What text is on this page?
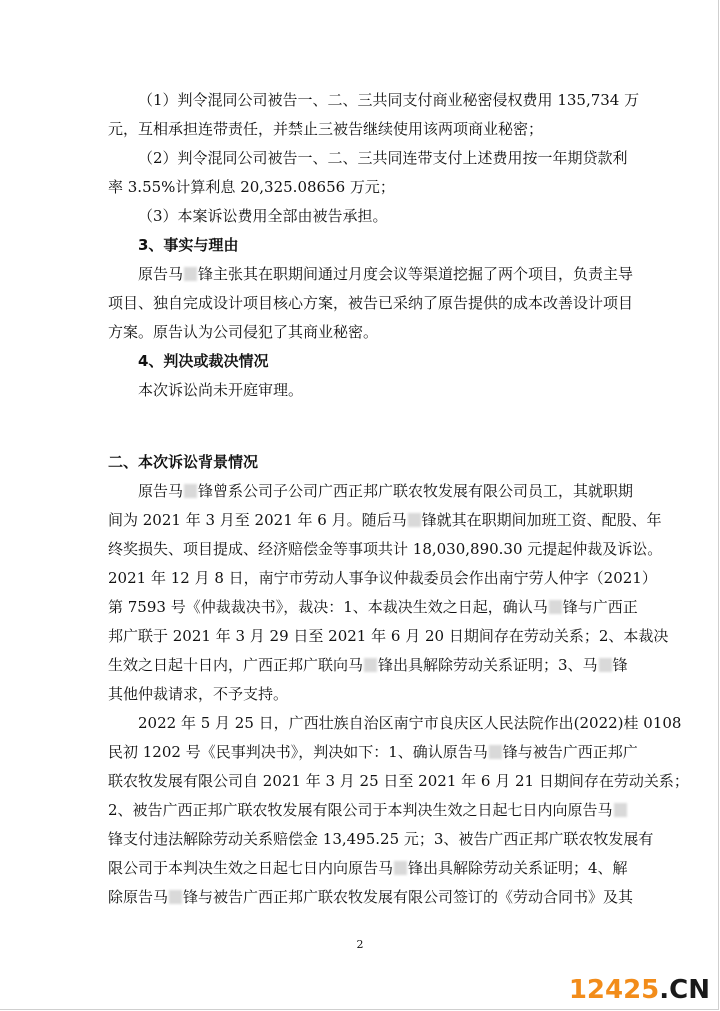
（1）判令混同公司被告一、二、三共同支付商业秘密侵权费用 135,734 万
元，互相承担连带责任，并禁止三被告继续使用该两项商业秘密；
（2）判令混同公司被告一、二、三共同连带支付上述费用按一年期贷款利
率 3.55%计算利息 20,325.08656 万元；
（3）本案诉讼费用全部由被告承担。
3、事实与理由
原告马 锋主张其在职期间通过月度会议等渠道挖掘了两个项目，负责主导
项目、独自完成设计项目核心方案，被告已采纳了原告提供的成本改善设计项目
方案。原告认为公司侵犯了其商业秘密。
4、判决或裁决情况
本次诉讼尚未开庭审理。
二、本次诉讼背景情况
原告马 锋曾系公司子公司广西正邦广联农牧发展有限公司员工，其就职期
间为 2021 年 3 月至 2021 年 6 月。随后马 锋就其在职期间加班工资、配股、年
终奖损失、项目提成、经济赔偿金等事项共计 18,030,890.30 元提起仲裁及诉讼。
2021 年 12 月 8 日，南宁市劳动人事争议仲裁委员会作出南宁劳人仲字（2021）
第 7593 号《仲裁裁决书》，裁决：1、本裁决生效之日起，确认马 锋与广西正
邦广联于 2021 年 3 月 29 日至 2021 年 6 月 20 日期间存在劳动关系；2、本裁决
生效之日起十日内，广西正邦广联向马 锋出具解除劳动关系证明；3、马 锋
其他仲裁请求，不予支持。
2022 年 5 月 25 日，广西壮族自治区南宁市良庆区人民法院作出(2022)桂 0108
民初 1202 号《民事判决书》，判决如下：1、确认原告马 锋与被告广西正邦广
联农牧发展有限公司自 2021 年 3 月 25 日至 2021 年 6 月 21 日期间存在劳动关系；
2、被告广西正邦广联农牧发展有限公司于本判决生效之日起七日内向原告马
锋支付违法解除劳动关系赔偿金 13,495.25 元；3、被告广西正邦广联农牧发展有
限公司于本判决生效之日起七日内向原告马 锋出具解除劳动关系证明；4、解
除原告马 锋与被告广西正邦广联农牧发展有限公司签订的《劳动合同书》及其
2
12425.CN
